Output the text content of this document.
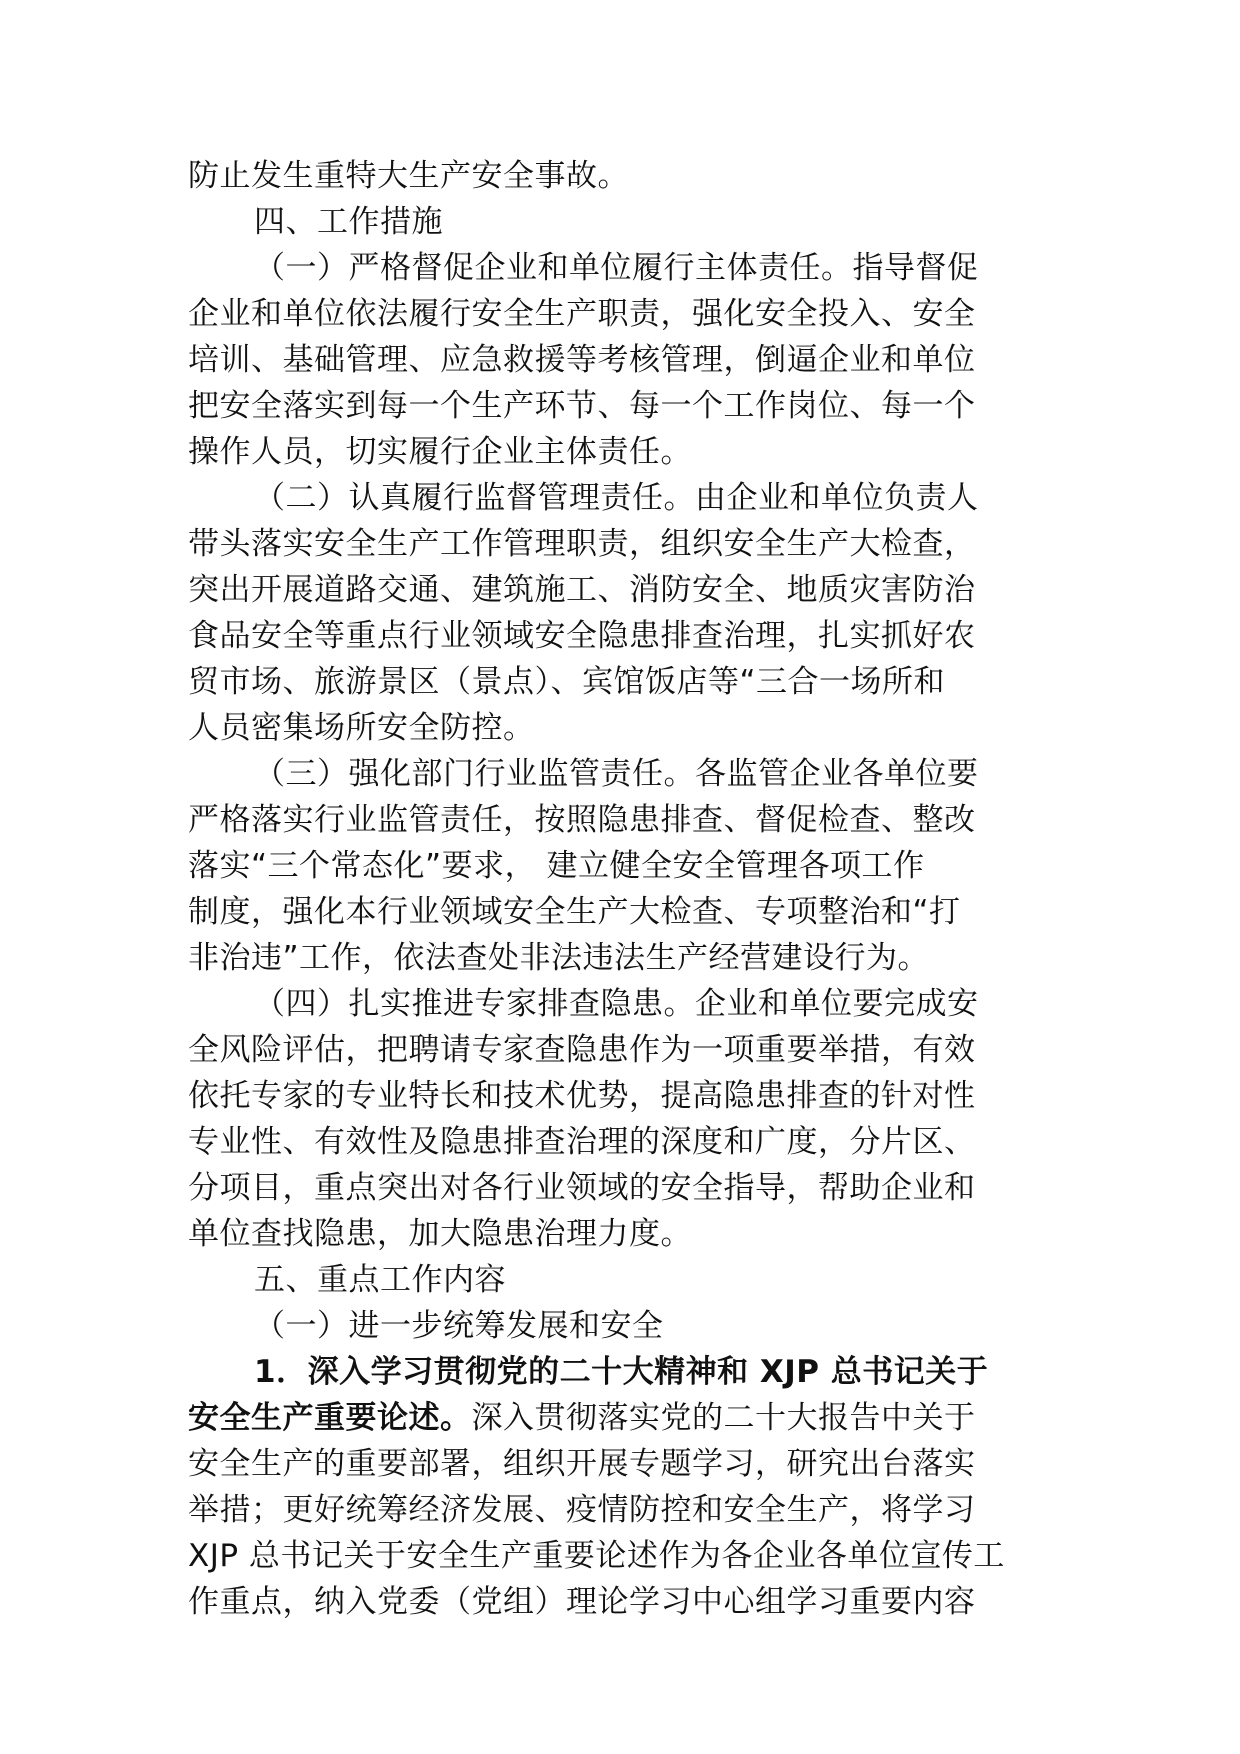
防止发生重特大生产安全事故。
四、工作措施
（一）严格督促企业和单位履行主体责任。指导督促
企业和单位依法履行安全生产职责，强化安全投入、安全
培训、基础管理、应急救援等考核管理，倒逼企业和单位
把安全落实到每一个生产环节、每一个工作岗位、每一个
操作人员，切实履行企业主体责任。
（二）认真履行监督管理责任。由企业和单位负责人
带头落实安全生产工作管理职责，组织安全生产大检查，
突出开展道路交通、建筑施工、消防安全、地质灾害防治
食品安全等重点行业领域安全隐患排查治理，扎实抓好农
贸市场、旅游景区（景点）、宾馆饭店等“三合一场所和
人员密集场所安全防控。
（三）强化部门行业监管责任。各监管企业各单位要
严格落实行业监管责任，按照隐患排查、督促检查、整改
落实“三个常态化”要求， 建立健全安全管理各项工作
制度，强化本行业领域安全生产大检查、专项整治和“打
非治违”工作，依法查处非法违法生产经营建设行为。
（四）扎实推进专家排查隐患。企业和单位要完成安
全风险评估，把聘请专家查隐患作为一项重要举措，有效
依托专家的专业特长和技术优势，提高隐患排查的针对性
专业性、有效性及隐患排查治理的深度和广度，分片区、
分项目，重点突出对各行业领域的安全指导，帮助企业和
单位查找隐患，加大隐患治理力度。
五、重点工作内容
（一）进一步统筹发展和安全
1．深入学习贯彻党的二十大精神和 XJP 总书记关于
安全生产重要论述。深入贯彻落实党的二十大报告中关于
安全生产的重要部署，组织开展专题学习，研究出台落实
举措；更好统筹经济发展、疫情防控和安全生产，将学习
XJP 总书记关于安全生产重要论述作为各企业各单位宣传工
作重点，纳入党委（党组）理论学习中心组学习重要内容
